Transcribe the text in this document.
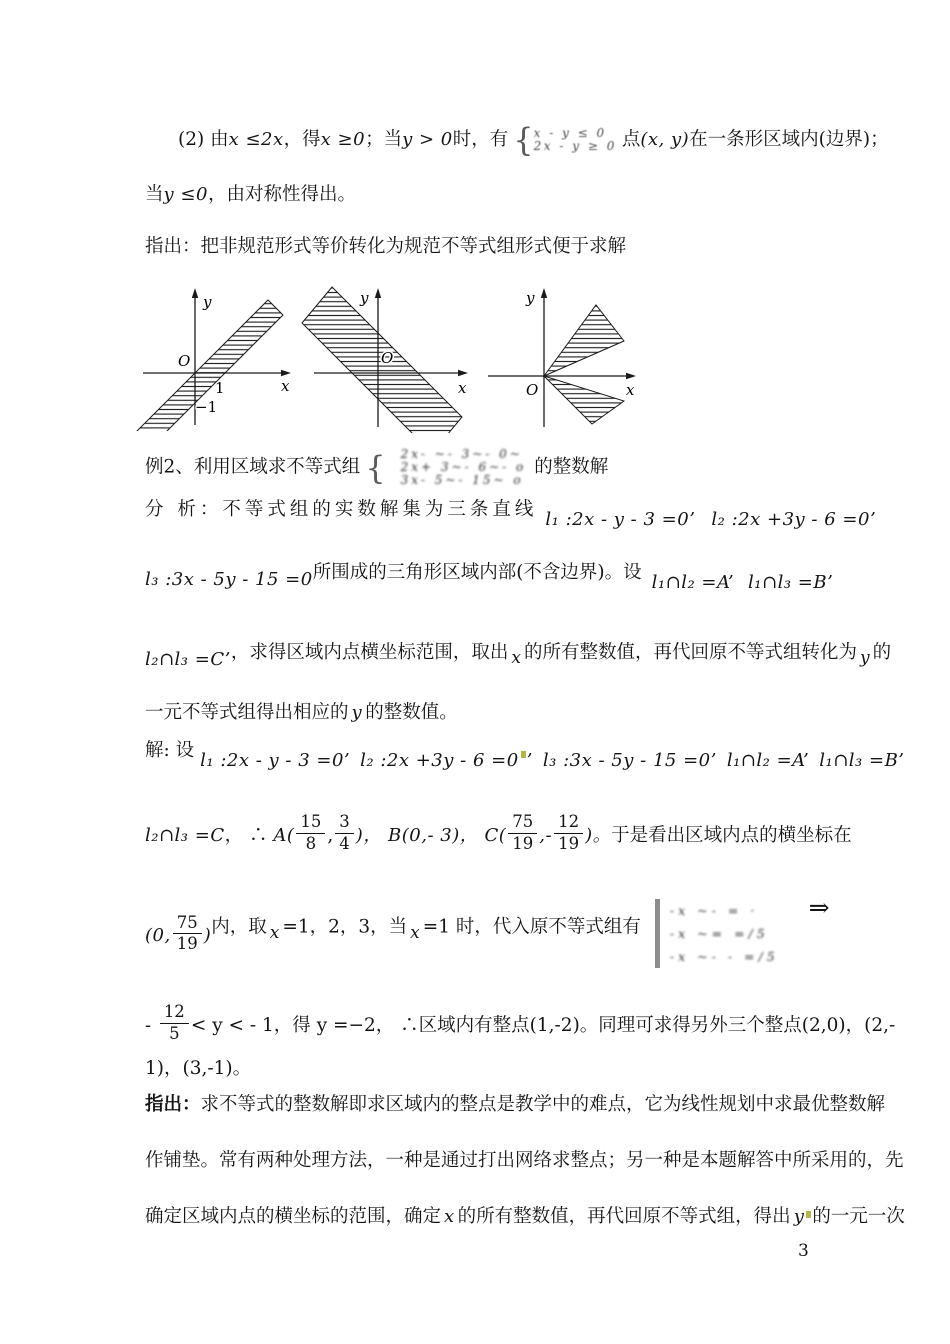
(2) 由x ≤2x，得x ≥0；当y > 0时，有 { x - y ≤ 0
2x - y ≥ 0 点(x, y)在一条形区域内(边界)；
当y ≤0，由对称性得出。
指出：把非规范形式等价转化为规范不等式组形式便于求解
y
x
O
1
−1
y
x
O
y
x
O
例2、利用区域求不等式组 { 2x- ~- 3~- 0~
2x+ 3~- 6~- o
3x- 5~- 15~ o
的整数解
分 析：不等式组的实数解集为三条直线 l₁ :2x - y - 3 =0’ l₂ :2x +3y - 6 =0’
l₃ :3x - 5y - 15 =0所围成的三角形区域内部(不含边界)。设 l₁∩l₂ =A’ l₁∩l₃ =B’
l₂∩l₃ =C’，求得区域内点横坐标范围，取出 x 的所有整数值，再代回原不等式组转化为 y 的
一元不等式组得出相应的 y 的整数值。
解: 设 l₁ :2x - y - 3 =0’ l₂ :2x +3y - 6 =0 ’ l₃ :3x - 5y - 15 =0’ l₁∩l₂ =A’ l₁∩l₃ =B’
l₂∩l₃ =C， ∴ $A( \frac{15}{8}$ , $\frac{3}{4}$ )， B(0,- 3)， $C( \frac{75}{19}$ ,- $\frac{12}{19}$ )。于是看出区域内点的横坐标在
(0, $\frac{75}{19}$ )内，取 x =1，2，3，当 x =1 时，代入原不等式组有
-x ~- = ·
-x ~= =/5
-x ~- - =/5
⇒
- $\frac{12}{5} < y$ < - 1，得 y =−2， ∴区域内有整点(1,-2)。同理可求得另外三个整点(2,0)，(2,-
1)，(3,-1)。
指出：求不等式的整数解即求区域内的整点是教学中的难点，它为线性规划中求最优整数解
作铺垫。常有两种处理方法，一种是通过打出网络求整点；另一种是本题解答中所采用的，先
确定区域内点的横坐标的范围，确定 x 的所有整数值，再代回原不等式组，得出 y 的一元一次
3
